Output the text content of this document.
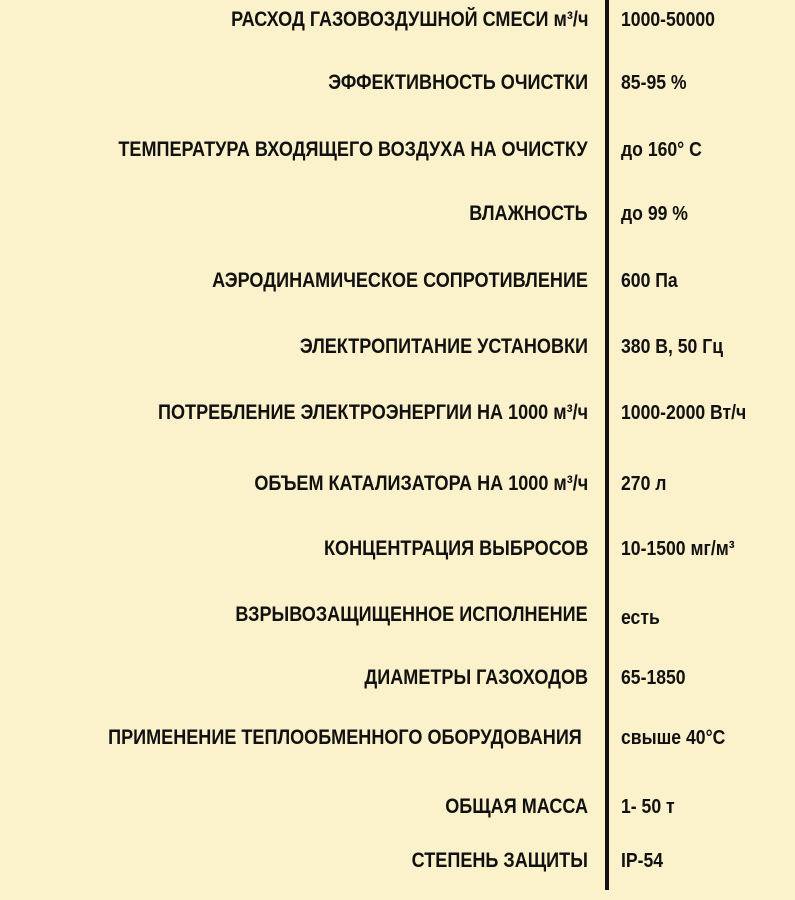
РАСХОД ГАЗОВОЗДУШНОЙ СМЕСИ м³/ч 1000-50000
ЭФФЕКТИВНОСТЬ ОЧИСТКИ 85-95 %
ТЕМПЕРАТУРА ВХОДЯЩЕГО ВОЗДУХА НА ОЧИСТКУ до 160° С
ВЛАЖНОСТЬ до 99 %
АЭРОДИНАМИЧЕСКОЕ СОПРОТИВЛЕНИЕ 600 Па
ЭЛЕКТРОПИТАНИЕ УСТАНОВКИ 380 В, 50 Гц
ПОТРЕБЛЕНИЕ ЭЛЕКТРОЭНЕРГИИ НА 1000 м³/ч 1000-2000 Вт/ч
ОБЪЕМ КАТАЛИЗАТОРА НА 1000 м³/ч 270 л
КОНЦЕНТРАЦИЯ ВЫБРОСОВ 10-1500 мг/м³
ВЗРЫВОЗАЩИЩЕННОЕ ИСПОЛНЕНИЕ есть
ДИАМЕТРЫ ГАЗОХОДОВ 65-1850
ПРИМЕНЕНИЕ ТЕПЛООБМЕННОГО ОБОРУДОВАНИЯ свыше 40°С
ОБЩАЯ МАССА 1- 50 т
СТЕПЕНЬ ЗАЩИТЫ IP-54
